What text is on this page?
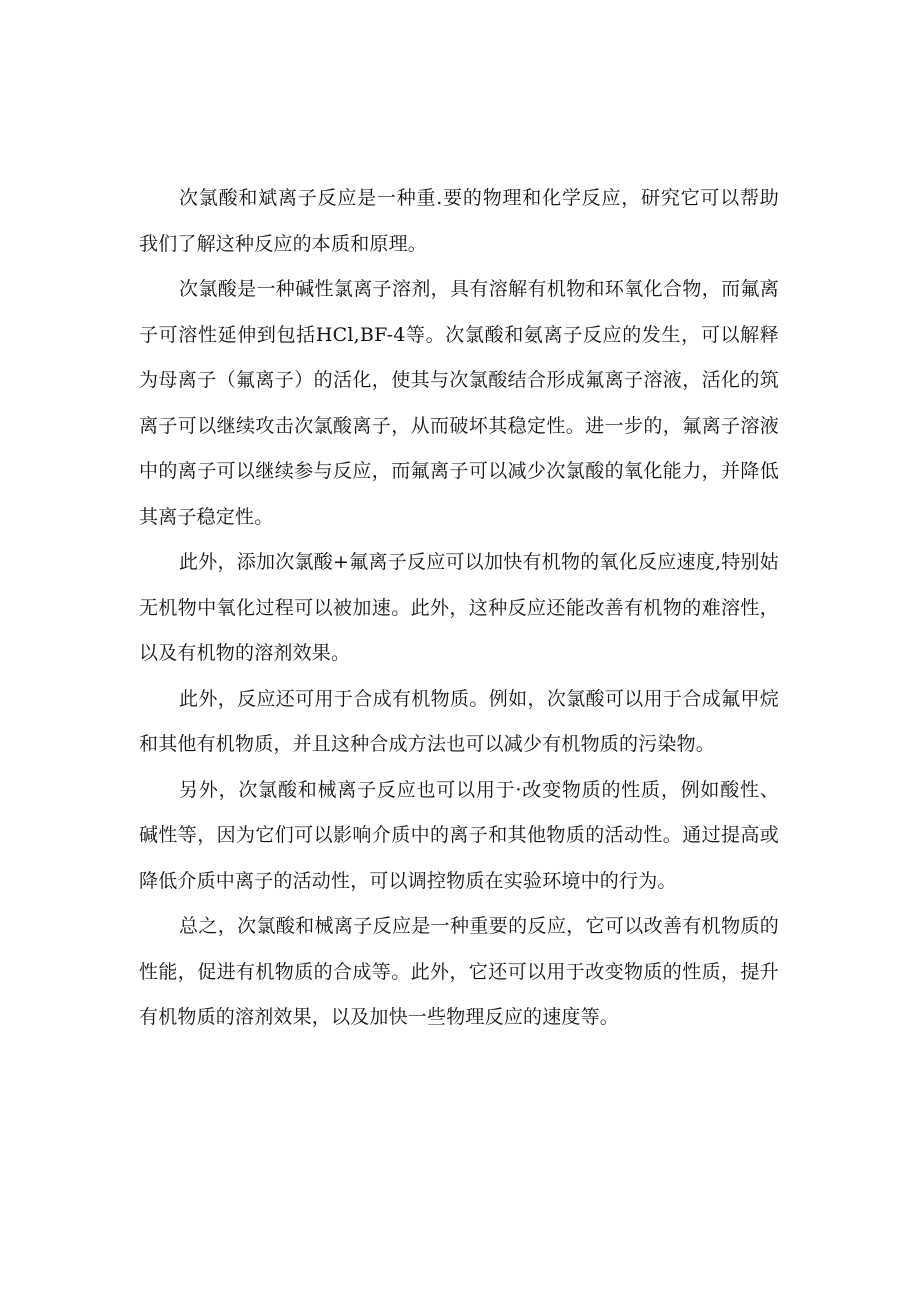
次氯酸和斌离子反应是一种重.要的物理和化学反应，研究它可以帮助我们了解这种反应的本质和原理。

次氯酸是一种碱性氯离子溶剂，具有溶解有机物和环氧化合物，而氟离子可溶性延伸到包括HCl,BF-4等。次氯酸和氨离子反应的发生，可以解释为母离子（氟离子）的活化，使其与次氯酸结合形成氟离子溶液，活化的筑离子可以继续攻击次氯酸离子，从而破坏其稳定性。进一步的，氟离子溶液中的离子可以继续参与反应，而氟离子可以减少次氯酸的氧化能力，并降低其离子稳定性。

此外，添加次氯酸+氟离子反应可以加快有机物的氧化反应速度,特别姑无机物中氧化过程可以被加速。此外，这种反应还能改善有机物的难溶性，以及有机物的溶剂效果。

此外，反应还可用于合成有机物质。例如，次氯酸可以用于合成氟甲烷和其他有机物质，并且这种合成方法也可以减少有机物质的污染物。

另外，次氯酸和械离子反应也可以用于·改变物质的性质，例如酸性、碱性等，因为它们可以影响介质中的离子和其他物质的活动性。通过提高或降低介质中离子的活动性，可以调控物质在实验环境中的行为。

总之，次氯酸和械离子反应是一种重要的反应，它可以改善有机物质的性能，促进有机物质的合成等。此外，它还可以用于改变物质的性质，提升有机物质的溶剂效果，以及加快一些物理反应的速度等。
